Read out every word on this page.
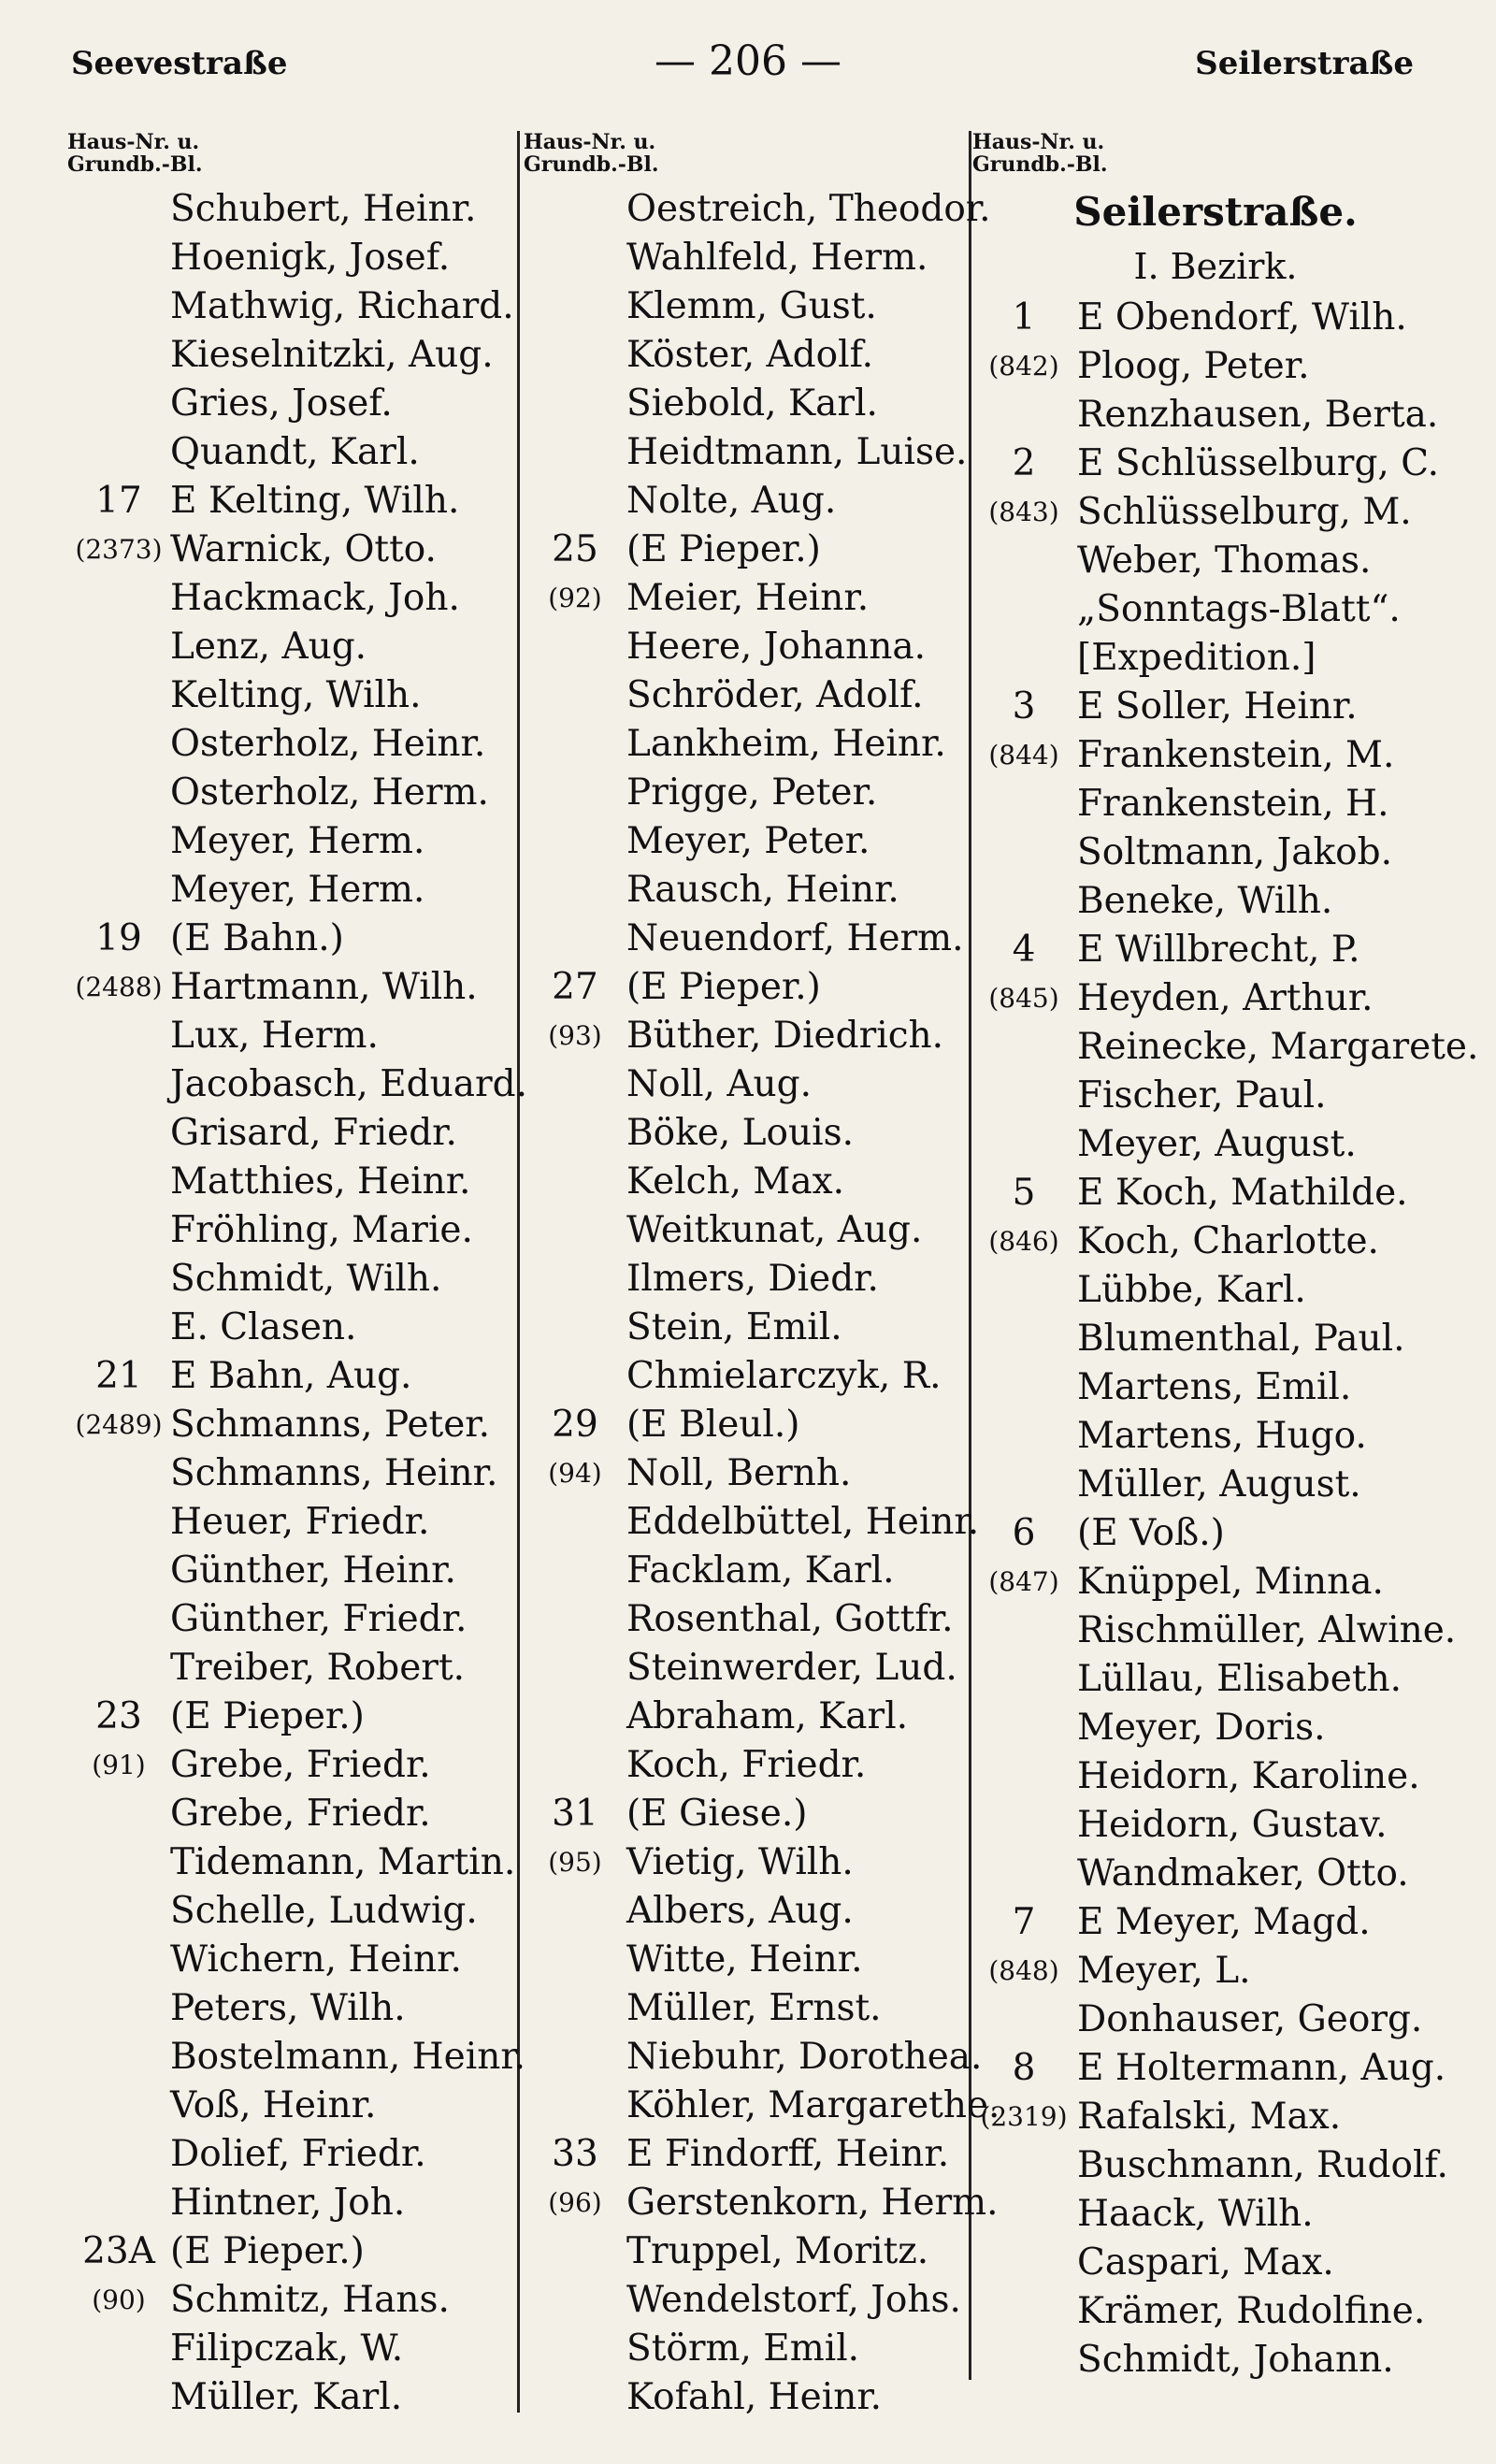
Seevestraße	— 206 —	Seilerstraße
Haus-Nr. u.
Grundb.-Bl.
Schubert, Heinr.
Hoenigk, Josef.
Mathwig, Richard.
Kieselnitzki, Aug.
Gries, Josef.
Quandt, Karl.
17 E Kelting, Wilh.
(2373) Warnick, Otto.
Hackmack, Joh.
Lenz, Aug.
Kelting, Wilh.
Osterholz, Heinr.
Osterholz, Herm.
Meyer, Herm.
Meyer, Herm.
19 (E Bahn.)
(2488) Hartmann, Wilh.
Lux, Herm.
Jacobasch, Eduard.
Grisard, Friedr.
Matthies, Heinr.
Fröhling, Marie.
Schmidt, Wilh.
E. Clasen.
21 E Bahn, Aug.
(2489) Schmanns, Peter.
Schmanns, Heinr.
Heuer, Friedr.
Günther, Heinr.
Günther, Friedr.
Treiber, Robert.
23 (E Pieper.)
(91) Grebe, Friedr.
Grebe, Friedr.
Tidemann, Martin.
Schelle, Ludwig.
Wichern, Heinr.
Peters, Wilh.
Bostelmann, Heinr.
Voß, Heinr.
Dolief, Friedr.
Hintner, Joh.
23A (E Pieper.)
(90) Schmitz, Hans.
Filipczak, W.
Müller, Karl.
Haus-Nr. u.
Grundb.-Bl.
Oestreich, Theodor.
Wahlfeld, Herm.
Klemm, Gust.
Köster, Adolf.
Siebold, Karl.
Heidtmann, Luise.
Nolte, Aug.
25 (E Pieper.)
(92) Meier, Heinr.
Heere, Johanna.
Schröder, Adolf.
Lankheim, Heinr.
Prigge, Peter.
Meyer, Peter.
Rausch, Heinr.
Neuendorf, Herm.
27 (E Pieper.)
(93) Büther, Diedrich.
Noll, Aug.
Böke, Louis.
Kelch, Max.
Weitkunat, Aug.
Ilmers, Diedr.
Stein, Emil.
Chmielarczyk, R.
29 (E Bleul.)
(94) Noll, Bernh.
Eddelbüttel, Heinr.
Facklam, Karl.
Rosenthal, Gottfr.
Steinwerder, Lud.
Abraham, Karl.
Koch, Friedr.
31 (E Giese.)
(95) Vietig, Wilh.
Albers, Aug.
Witte, Heinr.
Müller, Ernst.
Niebuhr, Dorothea.
Köhler, Margarethe.
33 E Findorff, Heinr.
(96) Gerstenkorn, Herm.
Truppel, Moritz.
Wendelstorf, Johs.
Störm, Emil.
Kofahl, Heinr.
Haus-Nr. u.
Grundb.-Bl.
Seilerstraße.
I. Bezirk.
1	E Obendorf, Wilh.
(842) Ploog, Peter.
Renzhausen, Berta.
2	E Schlüsselburg, C.
(843) Schlüsselburg, M.
Weber, Thomas.
„Sonntags-Blatt“.
[Expedition.]
3	E Soller, Heinr.
(844) Frankenstein, M.
Frankenstein, H.
Soltmann, Jakob.
Beneke, Wilh.
4	E Willbrecht, P.
(845) Heyden, Arthur.
Reinecke, Margarete.
Fischer, Paul.
Meyer, August.
5	E Koch, Mathilde.
(846) Koch, Charlotte.
Lübbe, Karl.
Blumenthal, Paul.
Martens, Emil.
Martens, Hugo.
Müller, August.
6	(E Voß.)
(847) Knüppel, Minna.
Rischmüller, Alwine.
Lüllau, Elisabeth.
Meyer, Doris.
Heidorn, Karoline.
Heidorn, Gustav.
Wandmaker, Otto.
7	E Meyer, Magd.
(848) Meyer, L.
Donhauser, Georg.
8	E Holtermann, Aug.
(2319) Rafalski, Max.
Buschmann, Rudolf.
Haack, Wilh.
Caspari, Max.
Krämer, Rudolfine.
Schmidt, Johann.
